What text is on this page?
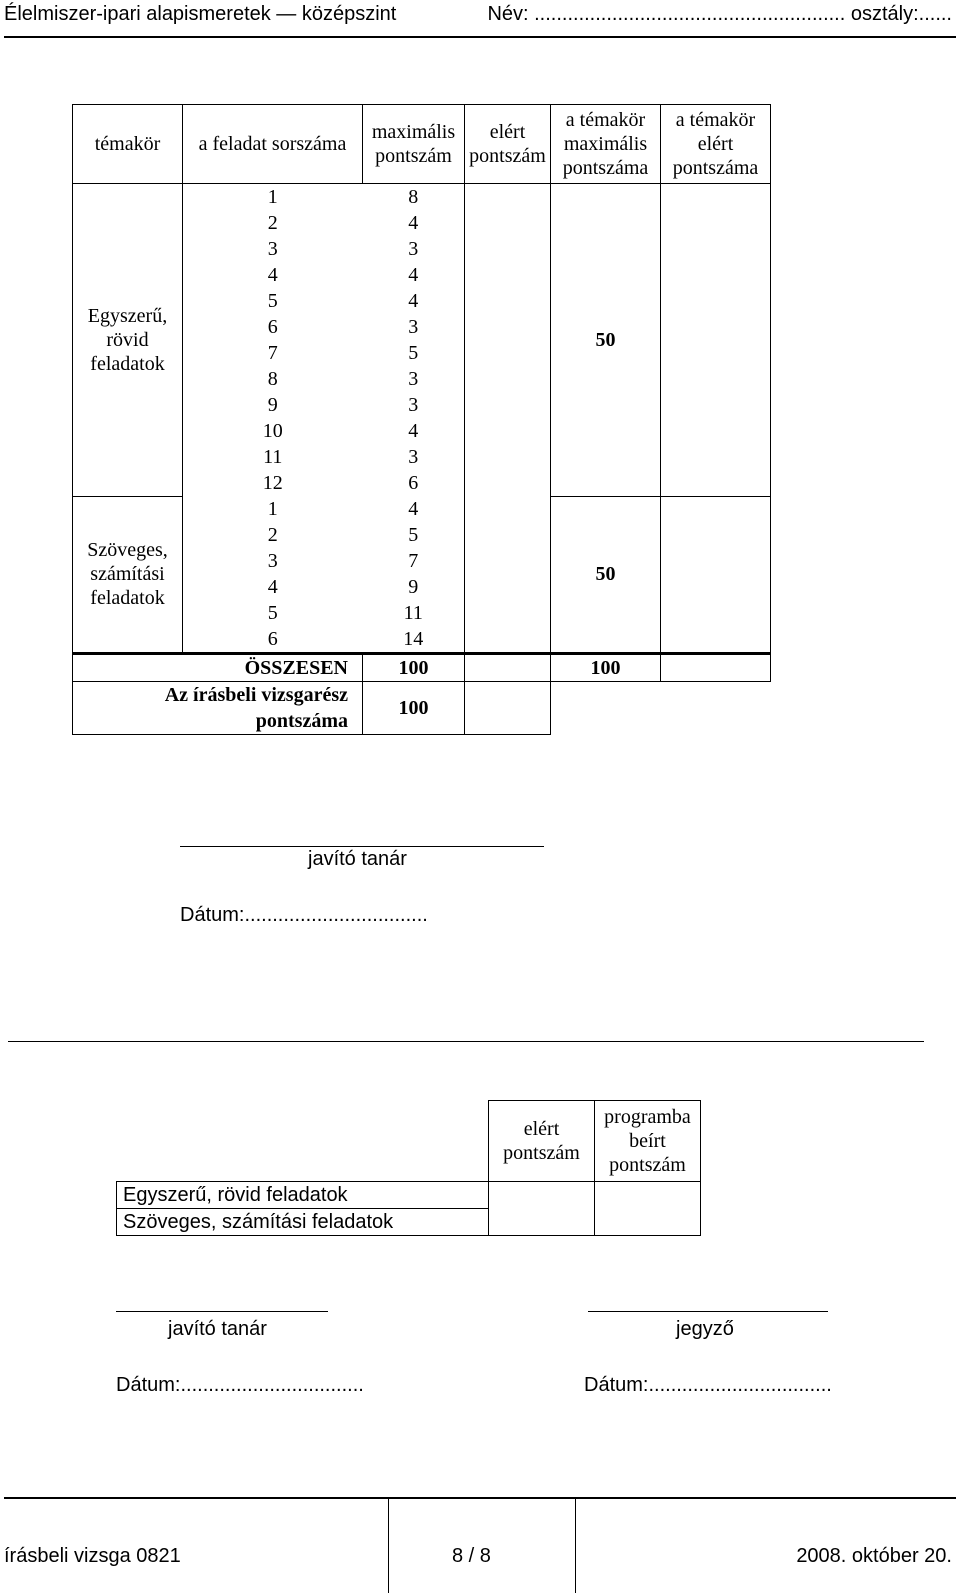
Élelmiszer-ipari alapismeretek — középszint	Név: ........................................................ osztály:......
témakör	a feladat sorszáma	maximális pontszám	elért pontszám	a témakör maximális pontszáma	a témakör elért pontszáma
Egyszerű, rövid feladatok	1	8		50	
	2	4			
	3	3			
	4	4			
	5	4			
	6	3			
	7	5			
	8	3			
	9	3			
	10	4			
	11	3			
	12	6			
Szöveges, számítási feladatok	1	4		50	
	2	5			
	3	7			
	4	9			
	5	11			
	6	14			
ÖSSZESEN		100		100	
Az írásbeli vizsgarész pontszáma		100			
javító tanár
Dátum:.................................
	elért pontszám	programba beírt pontszám
Egyszerű, rövid feladatok		
Szöveges, számítási feladatok		
javító tanár
Dátum:.................................
jegyző
Dátum:.................................
írásbeli vizsga 0821	8 / 8	2008. október 20.
